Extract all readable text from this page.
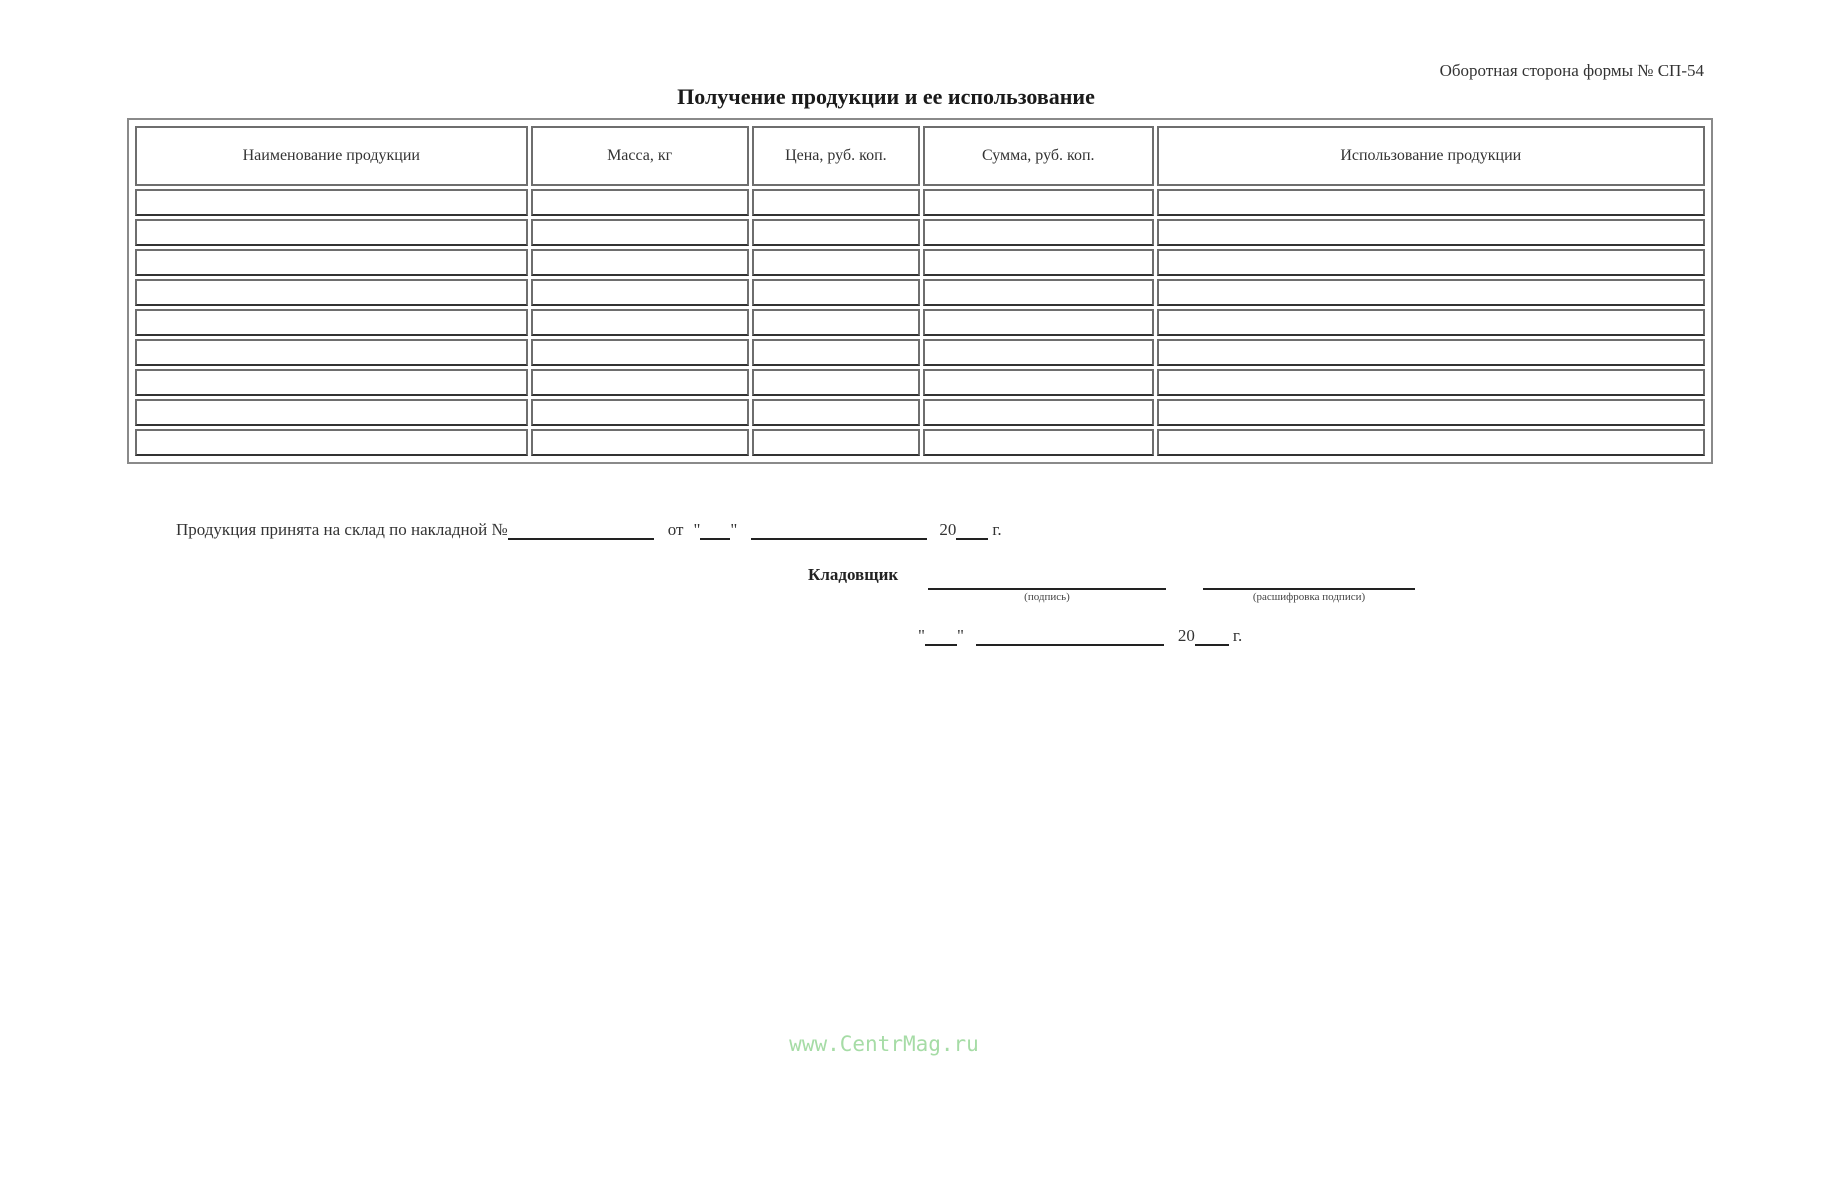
Оборотная сторона формы № СП-54
Получение продукции и ее использование
Наименование продукции	Масса, кг	Цена, руб. коп.	Сумма, руб. коп.	Использование продукции

Продукция принята на склад по накладной №	от " "	20 г.
Кладовщик
(подпись)	(расшифровка подписи)
" "	20 г.
www.CentrMag.ru
